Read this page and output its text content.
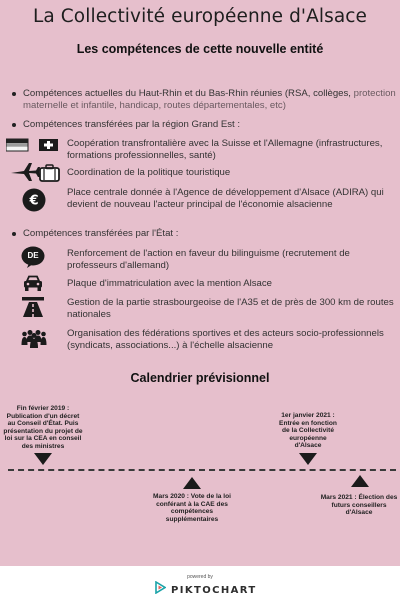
La Collectivité européenne d'Alsace
Les compétences de cette nouvelle entité
Compétences actuelles du Haut-Rhin et du Bas-Rhin réunies (RSA, collèges, protection maternelle et infantile, handicap, routes départementales, etc)
Compétences transférées par la région Grand Est :
Coopération transfrontalière avec la Suisse et l'Allemagne (infrastructures, formations professionnelles, santé)
Coordination de la politique touristique
€
Place centrale donnée à l'Agence de développement d'Alsace (ADIRA) qui devient de nouveau l'acteur principal de l'économie alsacienne
Compétences transférées par l'État :
DE	Renforcement de l'action en faveur du bilinguisme (recrutement de professeurs d'allemand)
Plaque d'immatriculation avec la mention Alsace
Gestion de la partie strasbourgeoise de l'A35 et de près de 300 km de routes nationales
Organisation des fédérations sportives et des acteurs socio-professionnels (syndicats, associations...) à l'échelle alsacienne
Calendrier prévisionnel
Fin février 2019 : Publication d'un décret au Conseil d'État. Puis présentation du projet de loi sur la CEA en conseil des ministres
1er janvier 2021 : Entrée en fonction de la Collectivité européenne d'Alsace
Mars 2020 : Vote de la loi conférant à la CAE des compétences supplémentaires
Mars 2021 : Élection des futurs conseillers d'Alsace
powered by
PIKTOCHART
